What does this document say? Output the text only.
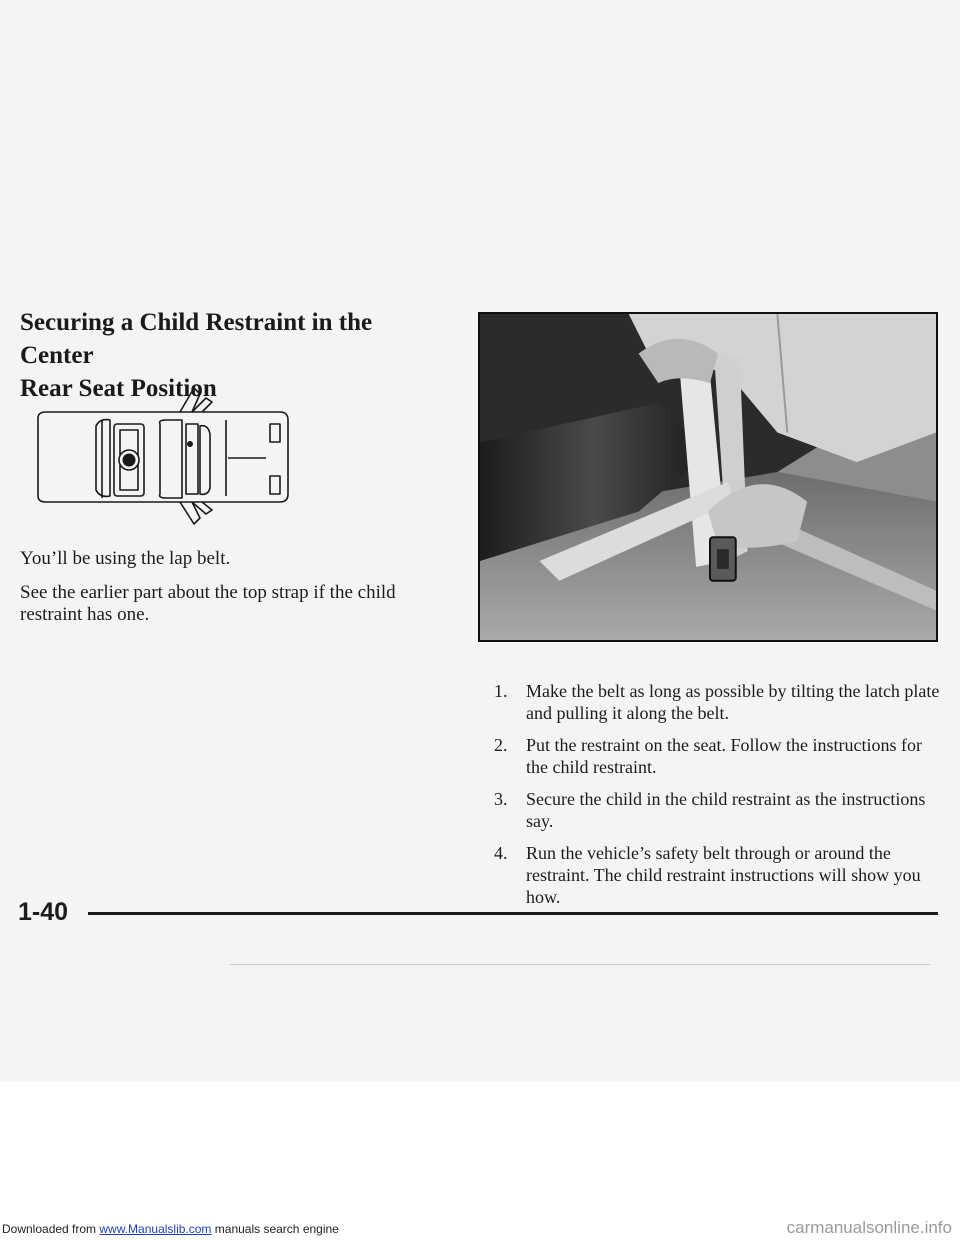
Securing a Child Restraint in the Center
Rear Seat Position

You’ll be using the lap belt.

See the earlier part about the top strap if the child restraint has one.

1. Make the belt as long as possible by tilting the latch plate and pulling it along the belt.
2. Put the restraint on the seat. Follow the instructions for the child restraint.
3. Secure the child in the child restraint as the instructions say.
4. Run the vehicle’s safety belt through or around the restraint. The child restraint instructions will show you how.
1-40
Downloaded from www.Manualslib.com manuals search engine	carmanualsonline.info
